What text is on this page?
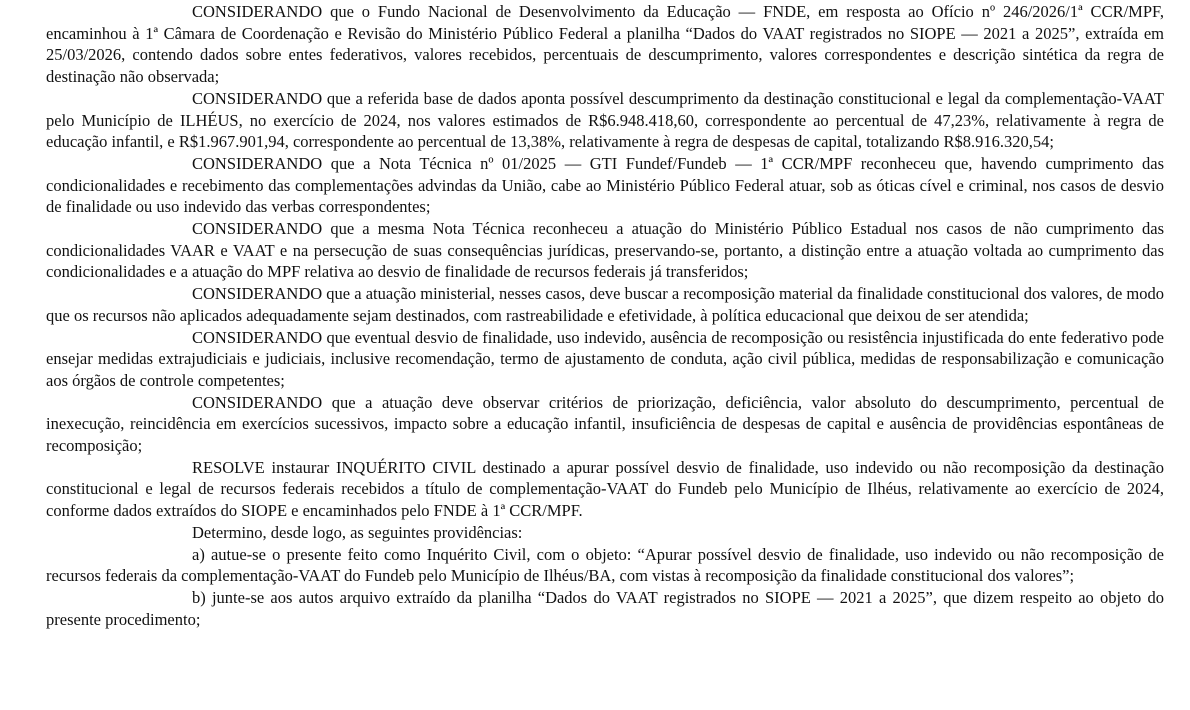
CONSIDERANDO que o Fundo Nacional de Desenvolvimento da Educação — FNDE, em resposta ao Ofício nº 246/2026/1ª CCR/MPF, encaminhou à 1ª Câmara de Coordenação e Revisão do Ministério Público Federal a planilha “Dados do VAAT registrados no SIOPE — 2021 a 2025”, extraída em 25/03/2026, contendo dados sobre entes federativos, valores recebidos, percentuais de descumprimento, valores correspondentes e descrição sintética da regra de destinação não observada;

CONSIDERANDO que a referida base de dados aponta possível descumprimento da destinação constitucional e legal da complementação-VAAT pelo Município de ILHÉUS, no exercício de 2024, nos valores estimados de R$6.948.418,60, correspondente ao percentual de 47,23%, relativamente à regra de educação infantil, e R$1.967.901,94, correspondente ao percentual de 13,38%, relativamente à regra de despesas de capital, totalizando R$8.916.320,54;

CONSIDERANDO que a Nota Técnica nº 01/2025 — GTI Fundef/Fundeb — 1ª CCR/MPF reconheceu que, havendo cumprimento das condicionalidades e recebimento das complementações advindas da União, cabe ao Ministério Público Federal atuar, sob as óticas cível e criminal, nos casos de desvio de finalidade ou uso indevido das verbas correspondentes;

CONSIDERANDO que a mesma Nota Técnica reconheceu a atuação do Ministério Público Estadual nos casos de não cumprimento das condicionalidades VAAR e VAAT e na persecução de suas consequências jurídicas, preservando-se, portanto, a distinção entre a atuação voltada ao cumprimento das condicionalidades e a atuação do MPF relativa ao desvio de finalidade de recursos federais já transferidos;

CONSIDERANDO que a atuação ministerial, nesses casos, deve buscar a recomposição material da finalidade constitucional dos valores, de modo que os recursos não aplicados adequadamente sejam destinados, com rastreabilidade e efetividade, à política educacional que deixou de ser atendida;

CONSIDERANDO que eventual desvio de finalidade, uso indevido, ausência de recomposição ou resistência injustificada do ente federativo pode ensejar medidas extrajudiciais e judiciais, inclusive recomendação, termo de ajustamento de conduta, ação civil pública, medidas de responsabilização e comunicação aos órgãos de controle competentes;

CONSIDERANDO que a atuação deve observar critérios de priorização, deficiência, valor absoluto do descumprimento, percentual de inexecução, reincidência em exercícios sucessivos, impacto sobre a educação infantil, insuficiência de despesas de capital e ausência de providências espontâneas de recomposição;

RESOLVE instaurar INQUÉRITO CIVIL destinado a apurar possível desvio de finalidade, uso indevido ou não recomposição da destinação constitucional e legal de recursos federais recebidos a título de complementação-VAAT do Fundeb pelo Município de Ilhéus, relativamente ao exercício de 2024, conforme dados extraídos do SIOPE e encaminhados pelo FNDE à 1ª CCR/MPF.

Determino, desde logo, as seguintes providências:

a) autue-se o presente feito como Inquérito Civil, com o objeto: “Apurar possível desvio de finalidade, uso indevido ou não recomposição de recursos federais da complementação-VAAT do Fundeb pelo Município de Ilhéus/BA, com vistas à recomposição da finalidade constitucional dos valores”;

b) junte-se aos autos arquivo extraído da planilha “Dados do VAAT registrados no SIOPE — 2021 a 2025”, que dizem respeito ao objeto do presente procedimento;
